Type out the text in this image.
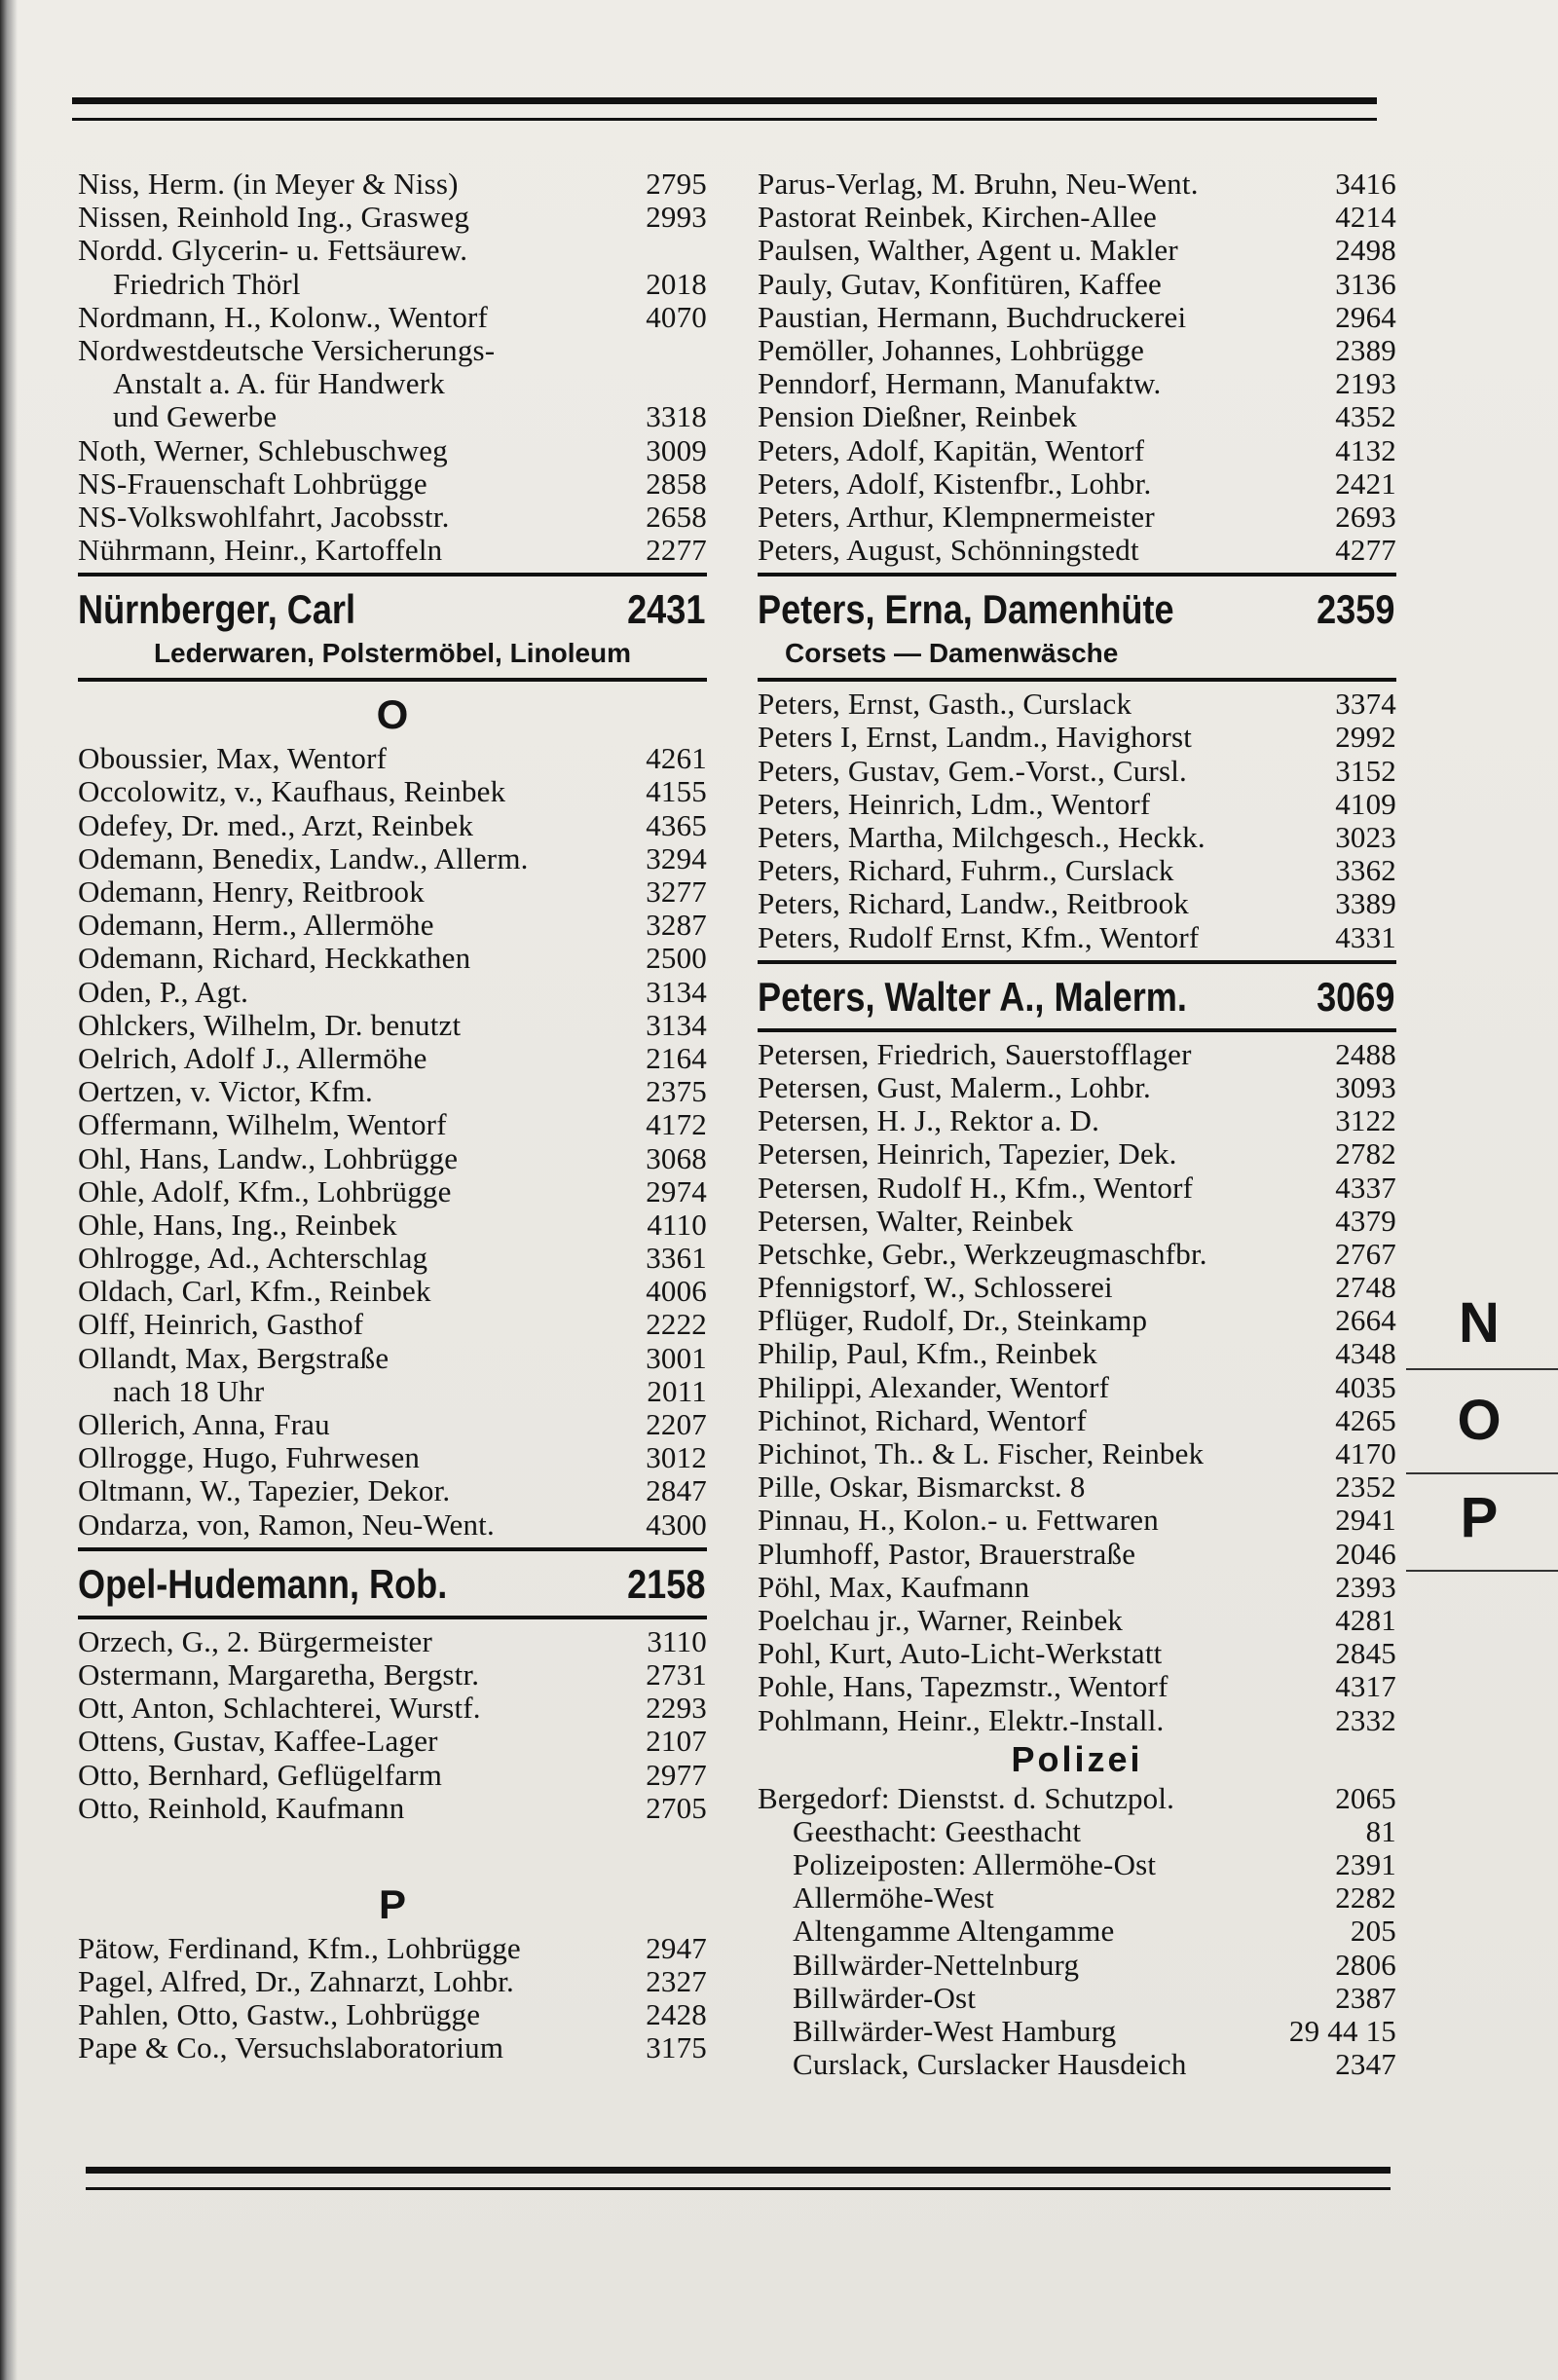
Niss, Herm. (in Meyer & Niss)	2795
Nissen, Reinhold Ing., Grasweg	2993
Nordd. Glycerin- u. Fettsäurew.
Friedrich Thörl	2018
Nordmann, H., Kolonw., Wentorf	4070
Nordwestdeutsche Versicherungs-
Anstalt a. A. für Handwerk
und Gewerbe	3318
Noth, Werner, Schlebuschweg	3009
NS-Frauenschaft Lohbrügge	2858
NS-Volkswohlfahrt, Jacobsstr.	2658
Nührmann, Heinr., Kartoffeln	2277
Nürnberger, Carl	2431
Lederwaren, Polstermöbel, Linoleum
O
Oboussier, Max, Wentorf	4261
Occolowitz, v., Kaufhaus, Reinbek	4155
Odefey, Dr. med., Arzt, Reinbek	4365
Odemann, Benedix, Landw., Allerm.	3294
Odemann, Henry, Reitbrook	3277
Odemann, Herm., Allermöhe	3287
Odemann, Richard, Heckkathen	2500
Oden, P., Agt.	3134
Ohlckers, Wilhelm, Dr. benutzt	3134
Oelrich, Adolf J., Allermöhe	2164
Oertzen, v. Victor, Kfm.	2375
Offermann, Wilhelm, Wentorf	4172
Ohl, Hans, Landw., Lohbrügge	3068
Ohle, Adolf, Kfm., Lohbrügge	2974
Ohle, Hans, Ing., Reinbek	4110
Ohlrogge, Ad., Achterschlag	3361
Oldach, Carl, Kfm., Reinbek	4006
Olff, Heinrich, Gasthof	2222
Ollandt, Max, Bergstraße	3001
nach 18 Uhr	2011
Ollerich, Anna, Frau	2207
Ollrogge, Hugo, Fuhrwesen	3012
Oltmann, W., Tapezier, Dekor.	2847
Ondarza, von, Ramon, Neu-Went.	4300
Opel-Hudemann, Rob.	2158
Orzech, G., 2. Bürgermeister	3110
Ostermann, Margaretha, Bergstr.	2731
Ott, Anton, Schlachterei, Wurstf.	2293
Ottens, Gustav, Kaffee-Lager	2107
Otto, Bernhard, Geflügelfarm	2977
Otto, Reinhold, Kaufmann	2705
P
Pätow, Ferdinand, Kfm., Lohbrügge	2947
Pagel, Alfred, Dr., Zahnarzt, Lohbr.	2327
Pahlen, Otto, Gastw., Lohbrügge	2428
Pape & Co., Versuchslaboratorium	3175
Parus-Verlag, M. Bruhn, Neu-Went.	3416
Pastorat Reinbek, Kirchen-Allee	4214
Paulsen, Walther, Agent u. Makler	2498
Pauly, Gutav, Konfitüren, Kaffee	3136
Paustian, Hermann, Buchdruckerei	2964
Pemöller, Johannes, Lohbrügge	2389
Penndorf, Hermann, Manufaktw.	2193
Pension Dießner, Reinbek	4352
Peters, Adolf, Kapitän, Wentorf	4132
Peters, Adolf, Kistenfbr., Lohbr.	2421
Peters, Arthur, Klempnermeister	2693
Peters, August, Schönningstedt	4277
Peters, Erna, Damenhüte	2359
Corsets — Damenwäsche
Peters, Ernst, Gasth., Curslack	3374
Peters I, Ernst, Landm., Havighorst	2992
Peters, Gustav, Gem.-Vorst., Cursl.	3152
Peters, Heinrich, Ldm., Wentorf	4109
Peters, Martha, Milchgesch., Heckk.	3023
Peters, Richard, Fuhrm., Curslack	3362
Peters, Richard, Landw., Reitbrook	3389
Peters, Rudolf Ernst, Kfm., Wentorf	4331
Peters, Walter A., Malerm.	3069
Petersen, Friedrich, Sauerstofflager	2488
Petersen, Gust, Malerm., Lohbr.	3093
Petersen, H. J., Rektor a. D.	3122
Petersen, Heinrich, Tapezier, Dek.	2782
Petersen, Rudolf H., Kfm., Wentorf	4337
Petersen, Walter, Reinbek	4379
Petschke, Gebr., Werkzeugmaschfbr.	2767
Pfennigstorf, W., Schlosserei	2748
Pflüger, Rudolf, Dr., Steinkamp	2664
Philip, Paul, Kfm., Reinbek	4348
Philippi, Alexander, Wentorf	4035
Pichinot, Richard, Wentorf	4265
Pichinot, Th.. & L. Fischer, Reinbek	4170
Pille, Oskar, Bismarckst. 8	2352
Pinnau, H., Kolon.- u. Fettwaren	2941
Plumhoff, Pastor, Brauerstraße	2046
Pöhl, Max, Kaufmann	2393
Poelchau jr., Warner, Reinbek	4281
Pohl, Kurt, Auto-Licht-Werkstatt	2845
Pohle, Hans, Tapezmstr., Wentorf	4317
Pohlmann, Heinr., Elektr.-Install.	2332
Polizei
Bergedorf: Dienstst. d. Schutzpol.	2065
Geesthacht: Geesthacht	81
Polizeiposten: Allermöhe-Ost	2391
Allermöhe-West	2282
Altengamme Altengamme	205
Billwärder-Nettelnburg	2806
Billwärder-Ost	2387
Billwärder-West Hamburg	29 44 15
Curslack, Curslacker Hausdeich	2347
N
O
P
